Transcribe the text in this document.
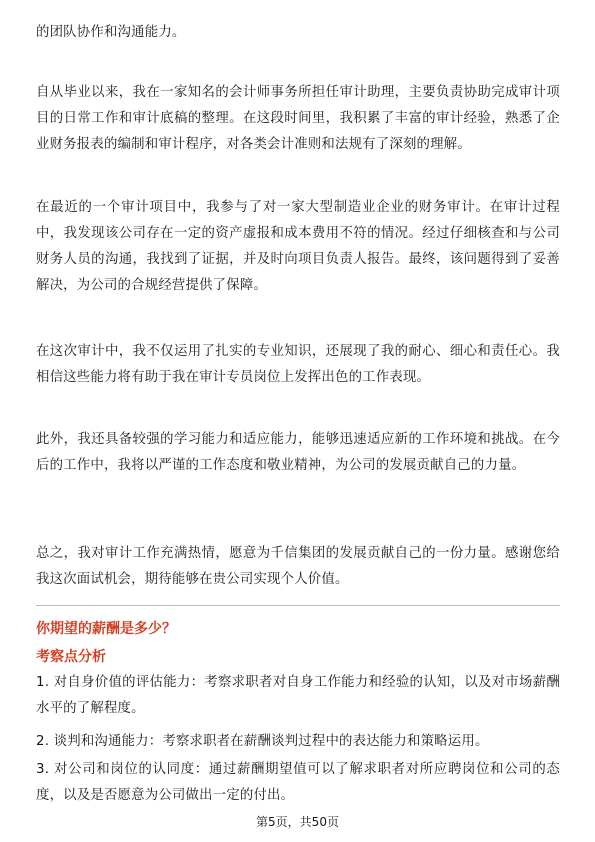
的团队协作和沟通能力。

自从毕业以来，我在一家知名的会计师事务所担任审计助理，主要负责协助完成审计项目的日常工作和审计底稿的整理。在这段时间里，我积累了丰富的审计经验，熟悉了企业财务报表的编制和审计程序，对各类会计准则和法规有了深刻的理解。

在最近的一个审计项目中，我参与了对一家大型制造业企业的财务审计。在审计过程中，我发现该公司存在一定的资产虚报和成本费用不符的情况。经过仔细核查和与公司财务人员的沟通，我找到了证据，并及时向项目负责人报告。最终，该问题得到了妥善解决，为公司的合规经营提供了保障。

在这次审计中，我不仅运用了扎实的专业知识，还展现了我的耐心、细心和责任心。我相信这些能力将有助于我在审计专员岗位上发挥出色的工作表现。

此外，我还具备较强的学习能力和适应能力，能够迅速适应新的工作环境和挑战。在今后的工作中，我将以严谨的工作态度和敬业精神，为公司的发展贡献自己的力量。

总之，我对审计工作充满热情，愿意为千信集团的发展贡献自己的一份力量。感谢您给我这次面试机会，期待能够在贵公司实现个人价值。

你期望的薪酬是多少？

考察点分析

1. 对自身价值的评估能力：考察求职者对自身工作能力和经验的认知，以及对市场薪酬水平的了解程度。

2. 谈判和沟通能力：考察求职者在薪酬谈判过程中的表达能力和策略运用。

3. 对公司和岗位的认同度：通过薪酬期望值可以了解求职者对所应聘岗位和公司的态度，以及是否愿意为公司做出一定的付出。

第5页，共50页
